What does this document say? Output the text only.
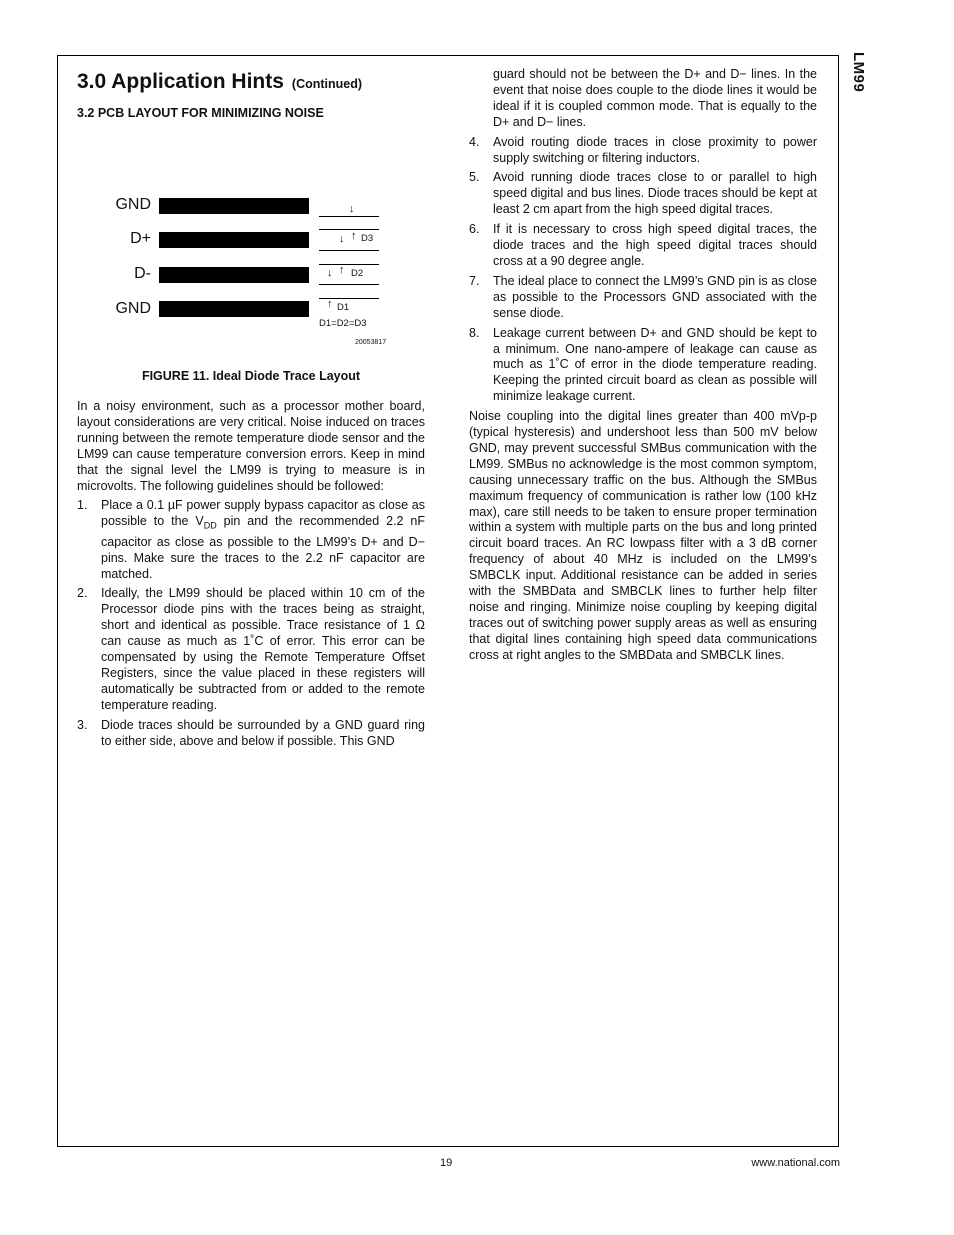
LM99
3.0 Application Hints (Continued)
3.2 PCB LAYOUT FOR MINIMIZING NOISE
GND
D+
D-
GND
↓
↓ ↑ D3
↓ ↑ D2
↑ D1
D1=D2=D3
20053817
FIGURE 11. Ideal Diode Trace Layout

In a noisy environment, such as a processor mother board, layout considerations are very critical. Noise induced on traces running between the remote temperature diode sensor and the LM99 can cause temperature conversion errors. Keep in mind that the signal level the LM99 is trying to measure is in microvolts. The following guidelines should be followed:

1. Place a 0.1 µF power supply bypass capacitor as close as possible to the $V_{DD}$ pin and the recommended 2.2 nF capacitor as close as possible to the LM99’s D+ and D− pins. Make sure the traces to the 2.2 nF capacitor are matched.
2. Ideally, the LM99 should be placed within 10 cm of the Processor diode pins with the traces being as straight, short and identical as possible. Trace resistance of 1 Ω can cause as much as 1˚C of error. This error can be compensated by using the Remote Temperature Offset Registers, since the value placed in these registers will automatically be subtracted from or added to the remote temperature reading.
3. Diode traces should be surrounded by a GND guard ring to either side, above and below if possible. This GND

guard should not be between the D+ and D− lines. In the event that noise does couple to the diode lines it would be ideal if it is coupled common mode. That is equally to the D+ and D− lines.

4. Avoid routing diode traces in close proximity to power supply switching or filtering inductors.
5. Avoid running diode traces close to or parallel to high speed digital and bus lines. Diode traces should be kept at least 2 cm apart from the high speed digital traces.
6. If it is necessary to cross high speed digital traces, the diode traces and the high speed digital traces should cross at a 90 degree angle.
7. The ideal place to connect the LM99’s GND pin is as close as possible to the Processors GND associated with the sense diode.
8. Leakage current between D+ and GND should be kept to a minimum. One nano-ampere of leakage can cause as much as 1˚C of error in the diode temperature reading. Keeping the printed circuit board as clean as possible will minimize leakage current.

Noise coupling into the digital lines greater than 400 mVp-p (typical hysteresis) and undershoot less than 500 mV below GND, may prevent successful SMBus communication with the LM99. SMBus no acknowledge is the most common symptom, causing unnecessary traffic on the bus. Although the SMBus maximum frequency of communication is rather low (100 kHz max), care still needs to be taken to ensure proper termination within a system with multiple parts on the bus and long printed circuit board traces. An RC lowpass filter with a 3 dB corner frequency of about 40 MHz is included on the LM99’s SMBCLK input. Additional resistance can be added in series with the SMBData and SMBCLK lines to further help filter noise and ringing. Minimize noise coupling by keeping digital traces out of switching power supply areas as well as ensuring that digital lines containing high speed data communications cross at right angles to the SMBData and SMBCLK lines.

19	www.national.com
